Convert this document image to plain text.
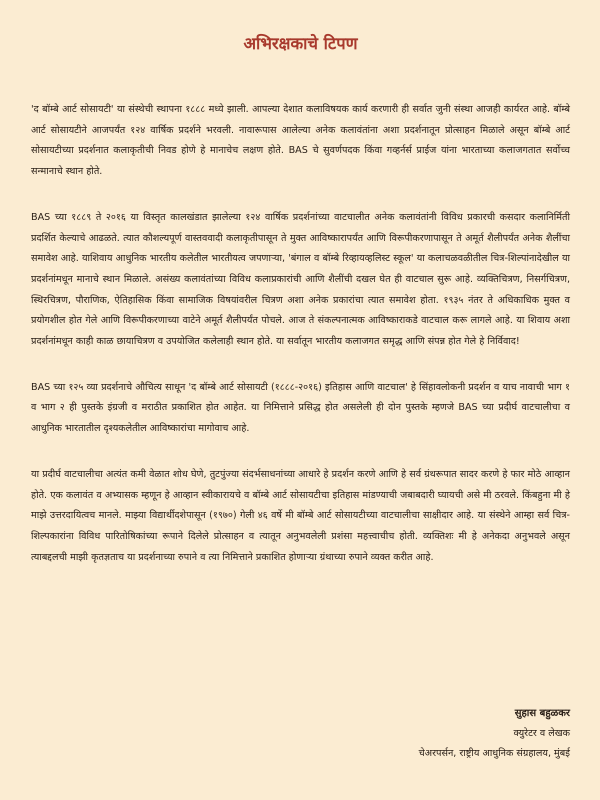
अभिरक्षकाचे टिपण

'द बॉम्बे आर्ट सोसायटी' या संस्थेची स्थापना १८८८ मध्ये झाली. आपल्या देशात कलाविषयक कार्य करणारी ही सर्वात जुनी संस्था आजही कार्यरत आहे. बॉम्बे आर्ट सोसायटीने आजपर्यंत १२४ वार्षिक प्रदर्शने भरवली. नावारूपास आलेल्या अनेक कलावंतांना अशा प्रदर्शनातून प्रोत्साहन मिळाले असून बॉम्बे आर्ट सोसायटीच्या प्रदर्शनात कलाकृतीची निवड होणे हे मानाचेच लक्षण होते. BAS चे सुवर्णपदक किंवा गव्हर्नर्स प्राईज यांना भारताच्या कलाजगतात सर्वोच्च सन्मानाचे स्थान होते.

BAS च्या १८८९ ते २०१६ या विस्तृत कालखंडात झालेल्या १२४ वार्षिक प्रदर्शनांच्या वाटचालीत अनेक कलावंतांनी विविध प्रकारची कसदार कलानिर्मिती प्रदर्शित केल्याचे आढळते. त्यात कौशल्यपूर्ण वास्तववादी कलाकृतीपासून ते मुक्त आविष्कारापर्यंत आणि विरूपीकरणापासून ते अमूर्त शैलीपर्यंत अनेक शैलींचा समावेश आहे. याशिवाय आधुनिक भारतीय कलेतील भारतीयत्व जपणाऱ्या, 'बंगाल व बॉम्बे रिव्हायव्हलिस्ट स्कूल' या कलाचळवळीतील चित्र-शिल्पांनादेखील या प्रदर्शनांमधून मानाचे स्थान मिळाले. असंख्य कलावंतांच्या विविध कलाप्रकारांची आणि शैलींची दखल घेत ही वाटचाल सुरू आहे. व्यक्तिचित्रण, निसर्गचित्रण, स्थिरचित्रण, पौराणिक, ऐतिहासिक किंवा सामाजिक विषयांवरील चित्रण अशा अनेक प्रकारांचा त्यात समावेश होता. १९३५ नंतर ते अधिकाधिक मुक्त व प्रयोगशील होत गेले आणि विरूपीकरणाच्या वाटेने अमूर्त शैलीपर्यंत पोचले. आज ते संकल्पनात्मक आविष्काराकडे वाटचाल करू लागले आहे. या शिवाय अशा प्रदर्शनांमधून काही काळ छायाचित्रण व उपयोजित कलेलाही स्थान होते. या सर्वातून भारतीय कलाजगत समृद्ध आणि संपन्न होत गेले हे निर्विवाद!

BAS च्या १२५ व्या प्रदर्शनाचे औचित्य साधून 'द बॉम्बे आर्ट सोसायटी (१८८८-२०१६) इतिहास आणि वाटचाल' हे सिंहावलोकनी प्रदर्शन व याच नावाची भाग १ व भाग २ ही पुस्तके इंग्रजी व मराठीत प्रकाशित होत आहेत. या निमित्ताने प्रसिद्ध होत असलेली ही दोन पुस्तके म्हणजे BAS च्या प्रदीर्घ वाटचालीचा व आधुनिक भारतातील दृश्यकलेतील आविष्कारांचा मागोवाच आहे.

या प्रदीर्घ वाटचालीचा अत्यंत कमी वेळात शोध घेणे, तुटपुंज्या संदर्भसाधनांच्या आधारे हे प्रदर्शन करणे आणि हे सर्व ग्रंथरूपात सादर करणे हे फार मोठे आव्हान होते. एक कलावंत व अभ्यासक म्हणून हे आव्हान स्वीकारायचे व बॉम्बे आर्ट सोसायटीचा इतिहास मांडण्याची जबाबदारी घ्यायची असे मी ठरवले. किंबहुना मी हे माझे उत्तरदायित्वच मानले. माझ्या विद्यार्थीदशेपासून (१९७०) गेली ४६ वर्षे मी बॉम्बे आर्ट सोसायटीच्या वाटचालीचा साक्षीदार आहे. या संस्थेने आम्हा सर्व चित्र-शिल्पकारांना विविध पारितोषिकांच्या रूपाने दिलेले प्रोत्साहन व त्यातून अनुभवलेली प्रशंसा महत्त्वाचीच होती. व्यक्तिशः मी हे अनेकदा अनुभवले असून त्याबद्दलची माझी कृतज्ञताच या प्रदर्शनाच्या रुपाने व त्या निमित्ताने प्रकाशित होणाऱ्या ग्रंथाच्या रुपाने व्यक्त करीत आहे.

सुहास बहुळकर
क्युरेटर व लेखक
चेअरपर्सन, राष्ट्रीय आधुनिक संग्रहालय, मुंबई
